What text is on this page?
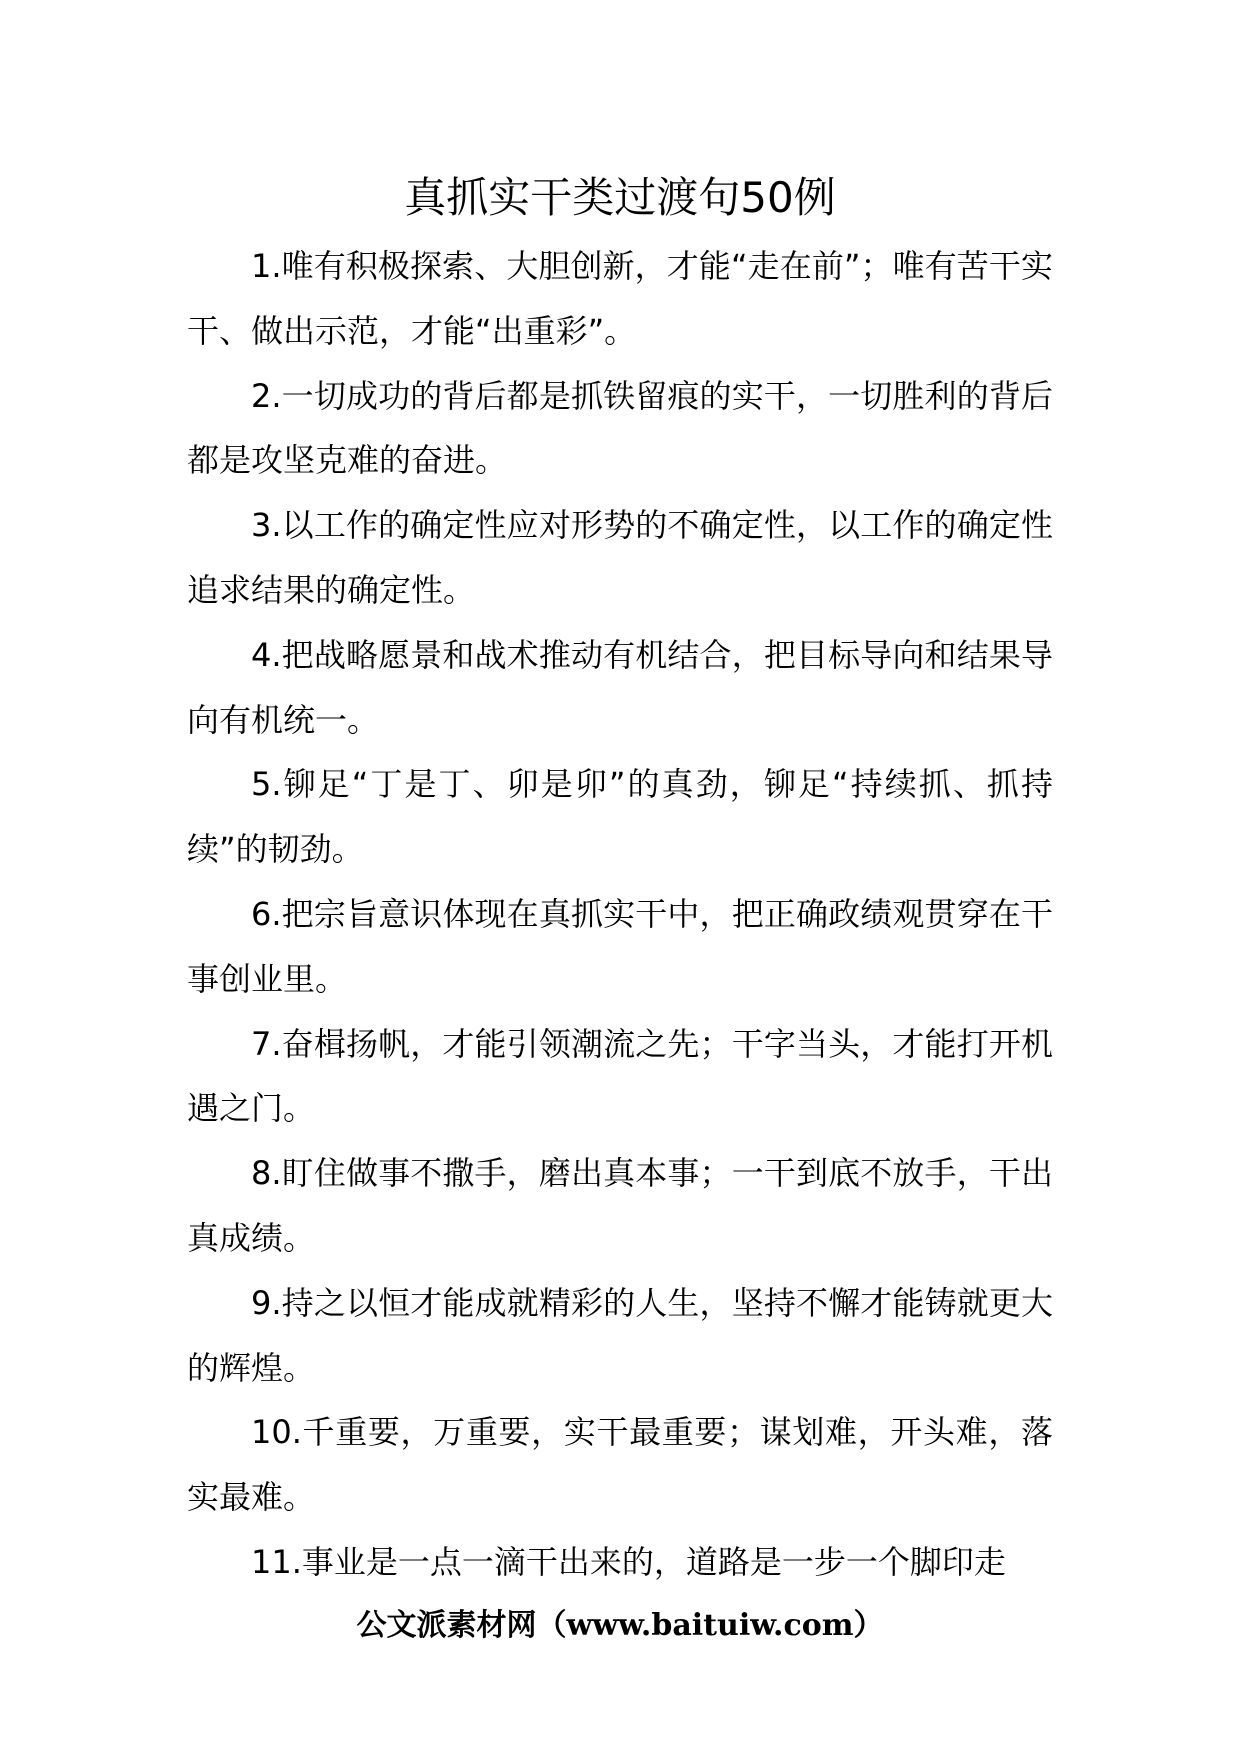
真抓实干类过渡句50例

1.唯有积极探索、大胆创新，才能“走在前”；唯有苦干实干、做出示范，才能“出重彩”。

2.一切成功的背后都是抓铁留痕的实干，一切胜利的背后都是攻坚克难的奋进。

3.以工作的确定性应对形势的不确定性，以工作的确定性追求结果的确定性。

4.把战略愿景和战术推动有机结合，把目标导向和结果导向有机统一。

5.铆足“丁是丁、卯是卯”的真劲，铆足“持续抓、抓持续”的韧劲。

6.把宗旨意识体现在真抓实干中，把正确政绩观贯穿在干事创业里。

7.奋楫扬帆，才能引领潮流之先；干字当头，才能打开机遇之门。

8.盯住做事不撒手，磨出真本事；一干到底不放手，干出真成绩。

9.持之以恒才能成就精彩的人生，坚持不懈才能铸就更大的辉煌。

10.千重要，万重要，实干最重要；谋划难，开头难，落实最难。

11.事业是一点一滴干出来的，道路是一步一个脚印走

公文派素材网（www.baituiw.com）
